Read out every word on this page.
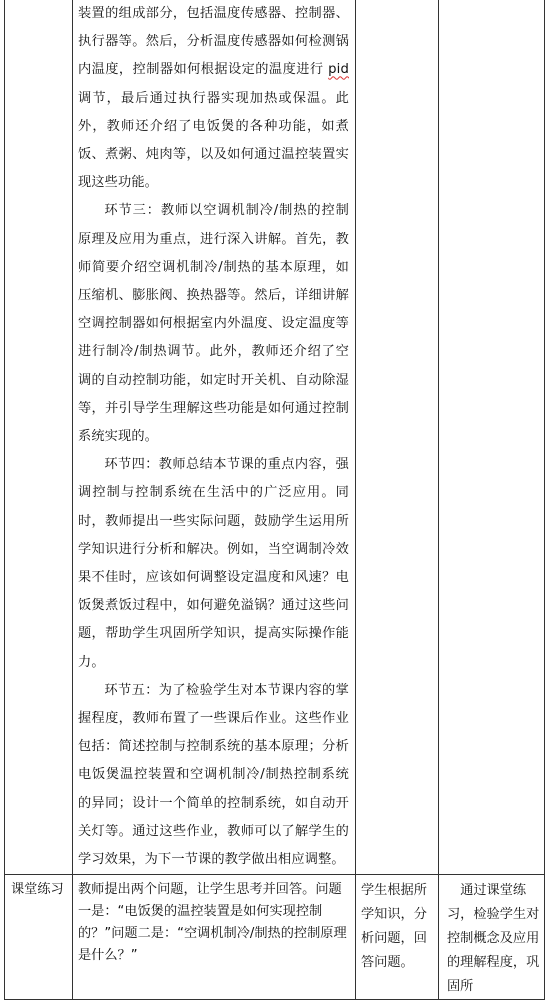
	装置的组成部分，包括温度传感器、控制器、执行器等。然后，分析温度传感器如何检测锅内温度，控制器如何根据设定的温度进行 pid 调节，最后通过执行器实现加热或保温。此外，教师还介绍了电饭煲的各种功能，如煮饭、煮粥、炖肉等，以及如何通过温控装置实现这些功能。

环节三：教师以空调机制冷/制热的控制原理及应用为重点，进行深入讲解。首先，教师简要介绍空调机制冷/制热的基本原理，如压缩机、膨胀阀、换热器等。然后，详细讲解空调控制器如何根据室内外温度、设定温度等进行制冷/制热调节。此外，教师还介绍了空调的自动控制功能，如定时开关机、自动除湿等，并引导学生理解这些功能是如何通过控制系统实现的。

环节四：教师总结本节课的重点内容，强调控制与控制系统在生活中的广泛应用。同时，教师提出一些实际问题，鼓励学生运用所学知识进行分析和解决。例如，当空调制冷效果不佳时，应该如何调整设定温度和风速？电饭煲煮饭过程中，如何避免溢锅？通过这些问题，帮助学生巩固所学知识，提高实际操作能力。

环节五：为了检验学生对本节课内容的掌握程度，教师布置了一些课后作业。这些作业包括：简述控制与控制系统的基本原理；分析电饭煲温控装置和空调机制冷/制热控制系统的异同；设计一个简单的控制系统，如自动开关灯等。通过这些作业，教师可以了解学生的学习效果，为下一节课的教学做出相应调整。		

课堂练习	教师提出两个问题，让学生思考并回答。问题一是：“电饭煲的温控装置是如何实现控制的？”问题二是：“空调机制冷/制热的控制原理是什么？”	学生根据所学知识，分析问题，回答问题。	通过课堂练习，检验学生对控制概念及应用的理解程度，巩固所
